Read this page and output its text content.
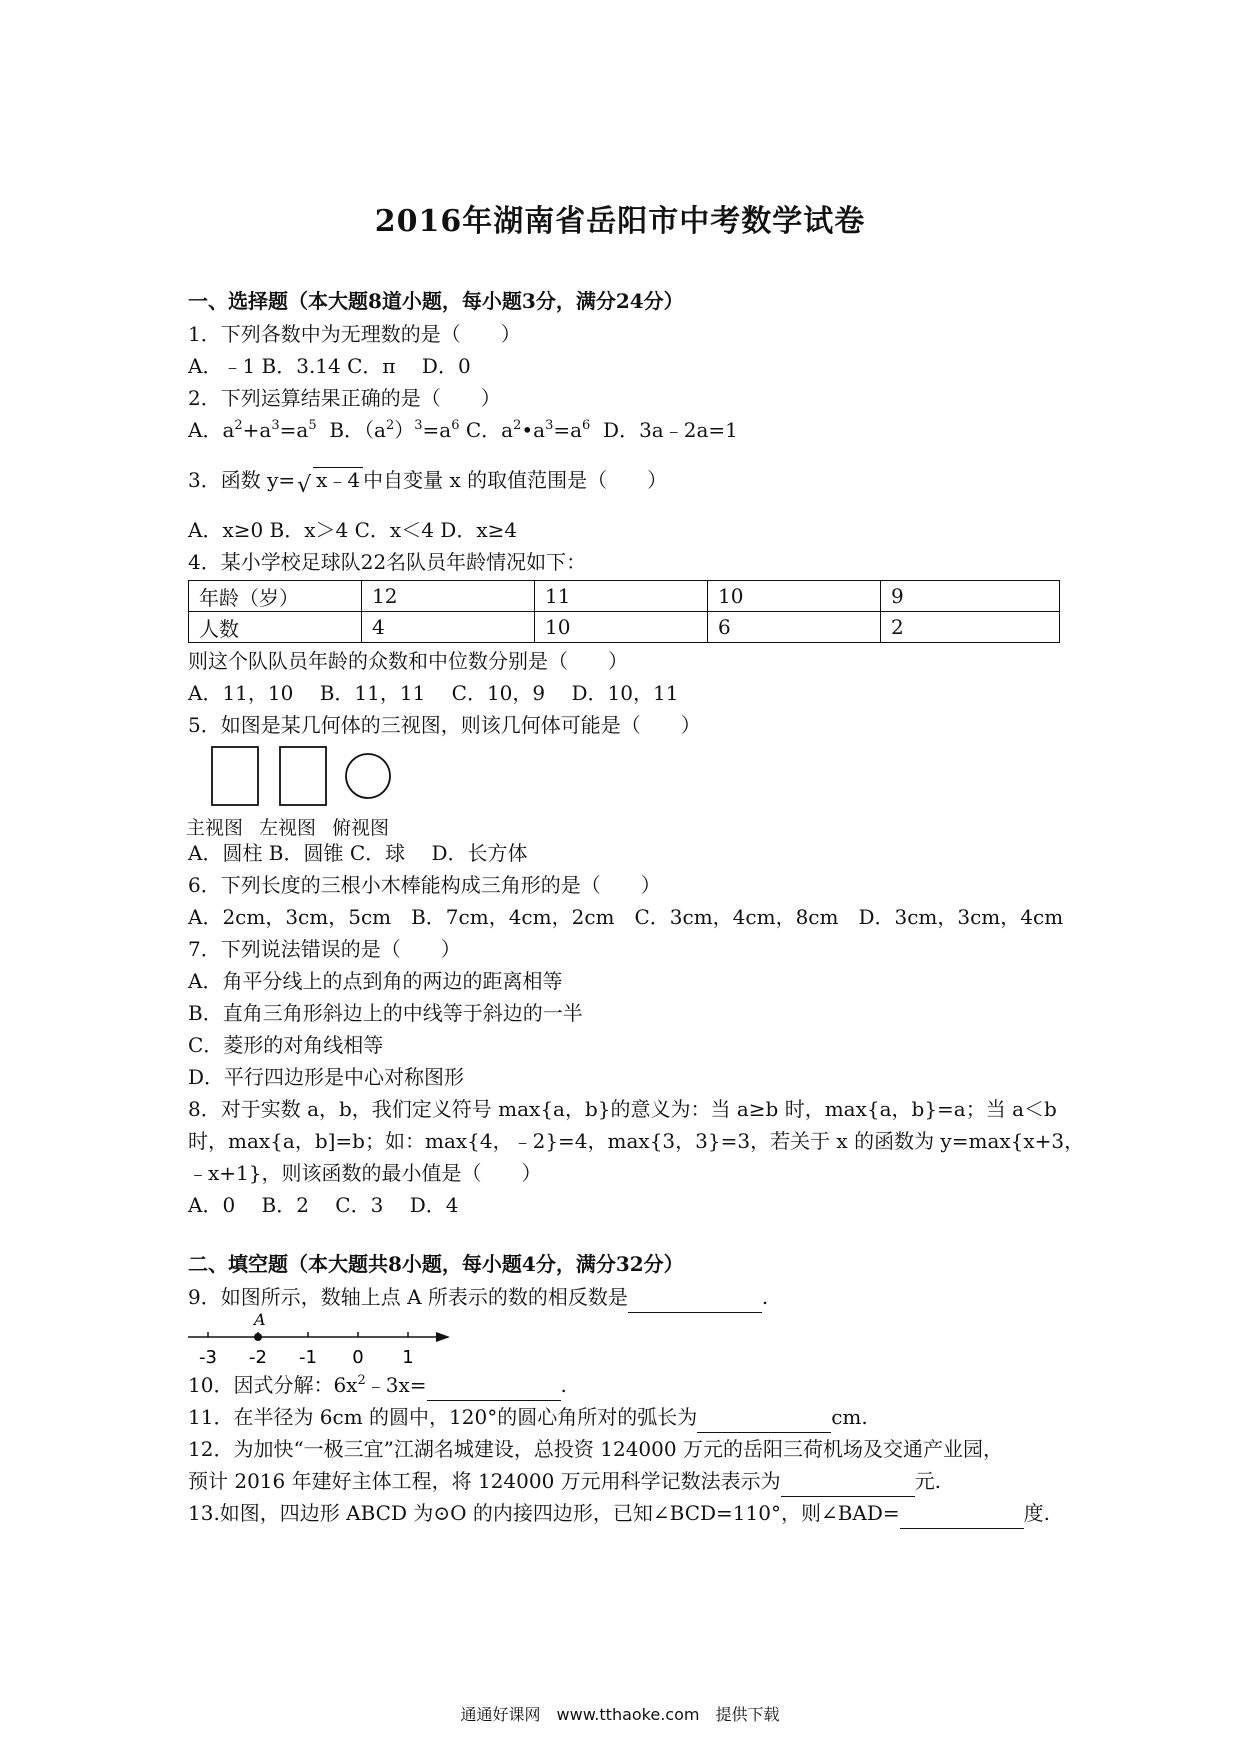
2016年湖南省岳阳市中考数学试卷
一、选择题（本大题8道小题，每小题3分，满分24分）
1．下列各数中为无理数的是（　　）
A．﹣1 B．3.14 C．π　 D．0
2．下列运算结果正确的是（　　）
A．$a^2+a^3=a^5$ B．$(a^2)^3=a^6$ C．$a^2•a^3=a^6$ D．3a﹣2a=1
3．函数 y= √ x﹣4 中自变量 x 的取值范围是（　　）
A．x≥0 B．x＞4 C．x＜4 D．x≥4
4．某小学校足球队22名队员年龄情况如下：
年龄（岁）	12	11	10	9
人数	4	10	6	2
则这个队队员年龄的众数和中位数分别是（　　）
A．11，10　 B．11，11　 C．10，9　 D．10，11
5．如图是某几何体的三视图，则该几何体可能是（　　）
主视图 左视图 俯视图
A．圆柱 B．圆锥 C．球　 D．长方体
6．下列长度的三根小木棒能构成三角形的是（　　）
A．2cm，3cm，5cm　B．7cm，4cm，2cm　C．3cm，4cm，8cm　D．3cm，3cm，4cm
7．下列说法错误的是（　　）
A．角平分线上的点到角的两边的距离相等
B．直角三角形斜边上的中线等于斜边的一半
C．菱形的对角线相等
D．平行四边形是中心对称图形
8．对于实数 a，b，我们定义符号 max{a，b}的意义为：当 a≥b 时，max{a，b}=a；当 a＜b
时，max{a，b]=b；如：max{4，﹣2}=4，max{3，3}=3，若关于 x 的函数为 y=max{x+3，
﹣x+1}，则该函数的最小值是（　　）
A．0　 B．2　 C．3　 D．4
二、填空题（本大题共8小题，每小题4分，满分32分）
9．如图所示，数轴上点 A 所表示的数的相反数是	.
A
-3 -2 -1 0 1
10．因式分解：$6x^2﹣3x=$	.
11．在半径为 6cm 的圆中，120°的圆心角所对的弧长为	cm.
12．为加快“一极三宜”江湖名城建设，总投资 124000 万元的岳阳三荷机场及交通产业园，
预计 2016 年建好主体工程，将 124000 万元用科学记数法表示为	元.
13.如图，四边形 ABCD 为⊙O 的内接四边形，已知∠BCD=110°，则∠BAD=	度.
通通好课网　www.tthaoke.com　提供下载
